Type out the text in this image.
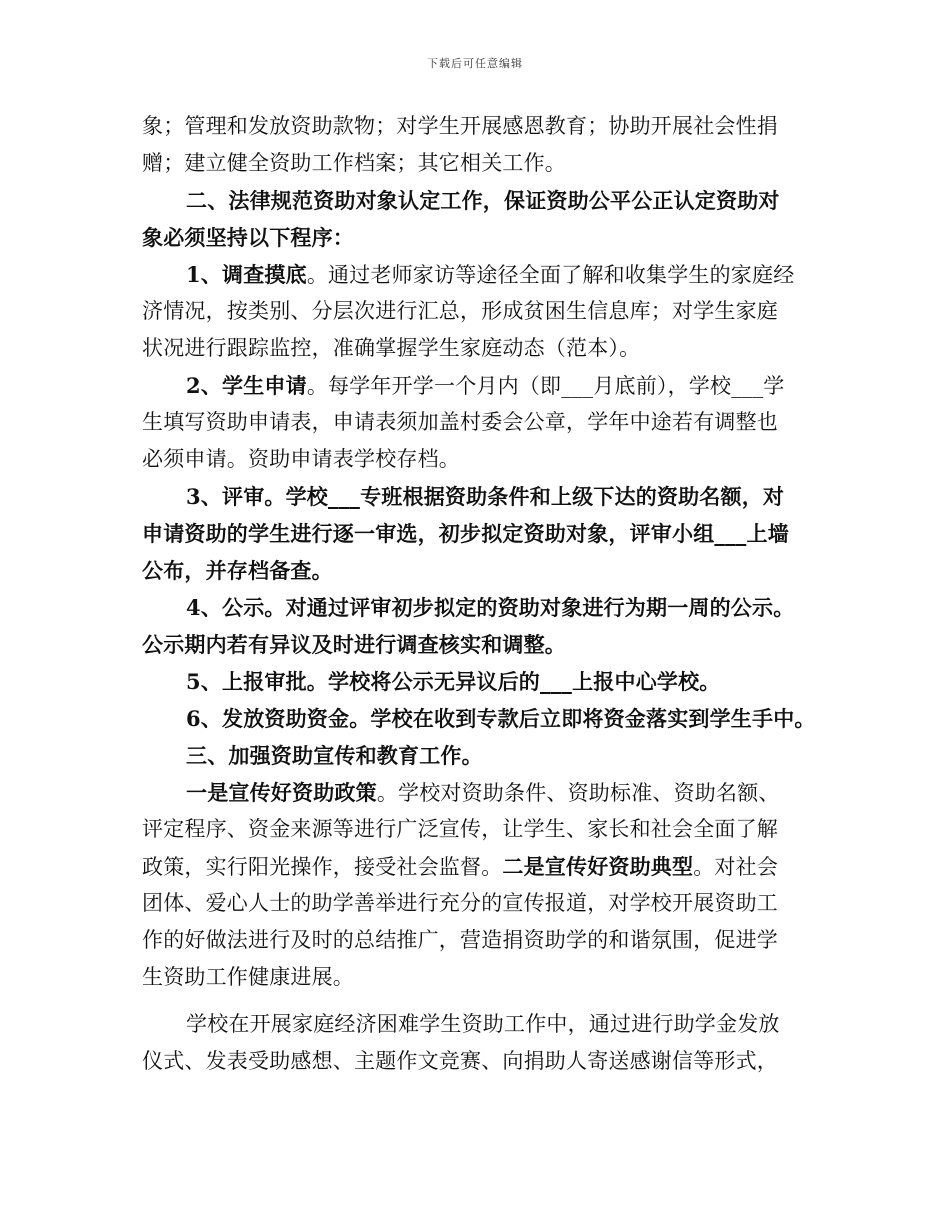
下载后可任意编辑
象；管理和发放资助款物；对学生开展感恩教育；协助开展社会性捐
赠；建立健全资助工作档案；其它相关工作。
二、法律规范资助对象认定工作，保证资助公平公正认定资助对
象必须坚持以下程序：
1、调查摸底。通过老师家访等途径全面了解和收集学生的家庭经
济情况，按类别、分层次进行汇总，形成贫困生信息库；对学生家庭
状况进行跟踪监控，准确掌握学生家庭动态（范本）。
2、学生申请。每学年开学一个月内（即___月底前），学校___学
生填写资助申请表，申请表须加盖村委会公章，学年中途若有调整也
必须申请。资助申请表学校存档。
3、评审。学校___专班根据资助条件和上级下达的资助名额，对
申请资助的学生进行逐一审选，初步拟定资助对象，评审小组___上墙
公布，并存档备查。
4、公示。对通过评审初步拟定的资助对象进行为期一周的公示。
公示期内若有异议及时进行调查核实和调整。
5、上报审批。学校将公示无异议后的___上报中心学校。
6、发放资助资金。学校在收到专款后立即将资金落实到学生手中。
三、加强资助宣传和教育工作。
一是宣传好资助政策。学校对资助条件、资助标准、资助名额、
评定程序、资金来源等进行广泛宣传，让学生、家长和社会全面了解
政策，实行阳光操作，接受社会监督。二是宣传好资助典型。对社会
团体、爱心人士的助学善举进行充分的宣传报道，对学校开展资助工
作的好做法进行及时的总结推广，营造捐资助学的和谐氛围，促进学
生资助工作健康进展。
学校在开展家庭经济困难学生资助工作中，通过进行助学金发放
仪式、发表受助感想、主题作文竞赛、向捐助人寄送感谢信等形式，
